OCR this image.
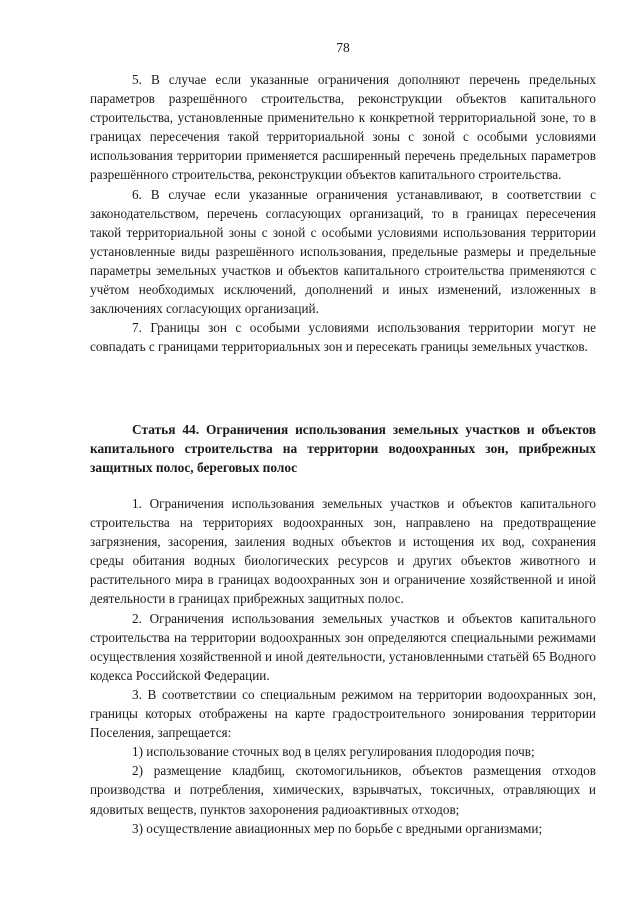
78

5. В случае если указанные ограничения дополняют перечень предельных параметров разрешённого строительства, реконструкции объектов капитального строительства, установленные применительно к конкретной территориальной зоне, то в границах пересечения такой территориальной зоны с зоной с особыми условиями использования территории применяется расширенный перечень предельных параметров разрешённого строительства, реконструкции объектов капитального строительства.

6. В случае если указанные ограничения устанавливают, в соответствии с законодательством, перечень согласующих организаций, то в границах пересечения такой территориальной зоны с зоной с особыми условиями использования территории установленные виды разрешённого использования, предельные размеры и предельные параметры земельных участков и объектов капитального строительства применяются с учётом необходимых исключений, дополнений и иных изменений, изложенных в заключениях согласующих организаций.

7. Границы зон с особыми условиями использования территории могут не совпадать с границами территориальных зон и пересекать границы земельных участков.

Статья 44. Ограничения использования земельных участков и объектов капитального строительства на территории водоохранных зон, прибрежных защитных полос, береговых полос

1. Ограничения использования земельных участков и объектов капитального строительства на территориях водоохранных зон, направлено на предотвращение загрязнения, засорения, заиления водных объектов и истощения их вод, сохранения среды обитания водных биологических ресурсов и других объектов животного и растительного мира в границах водоохранных зон и ограничение хозяйственной и иной деятельности в границах прибрежных защитных полос.

2. Ограничения использования земельных участков и объектов капитального строительства на территории водоохранных зон определяются специальными режимами осуществления хозяйственной и иной деятельности, установленными статьёй 65 Водного кодекса Российской Федерации.

3. В соответствии со специальным режимом на территории водоохранных зон, границы которых отображены на карте градостроительного зонирования территории Поселения, запрещается:

1) использование сточных вод в целях регулирования плодородия почв;

2) размещение кладбищ, скотомогильников, объектов размещения отходов производства и потребления, химических, взрывчатых, токсичных, отравляющих и ядовитых веществ, пунктов захоронения радиоактивных отходов;

3) осуществление авиационных мер по борьбе с вредными организмами;
